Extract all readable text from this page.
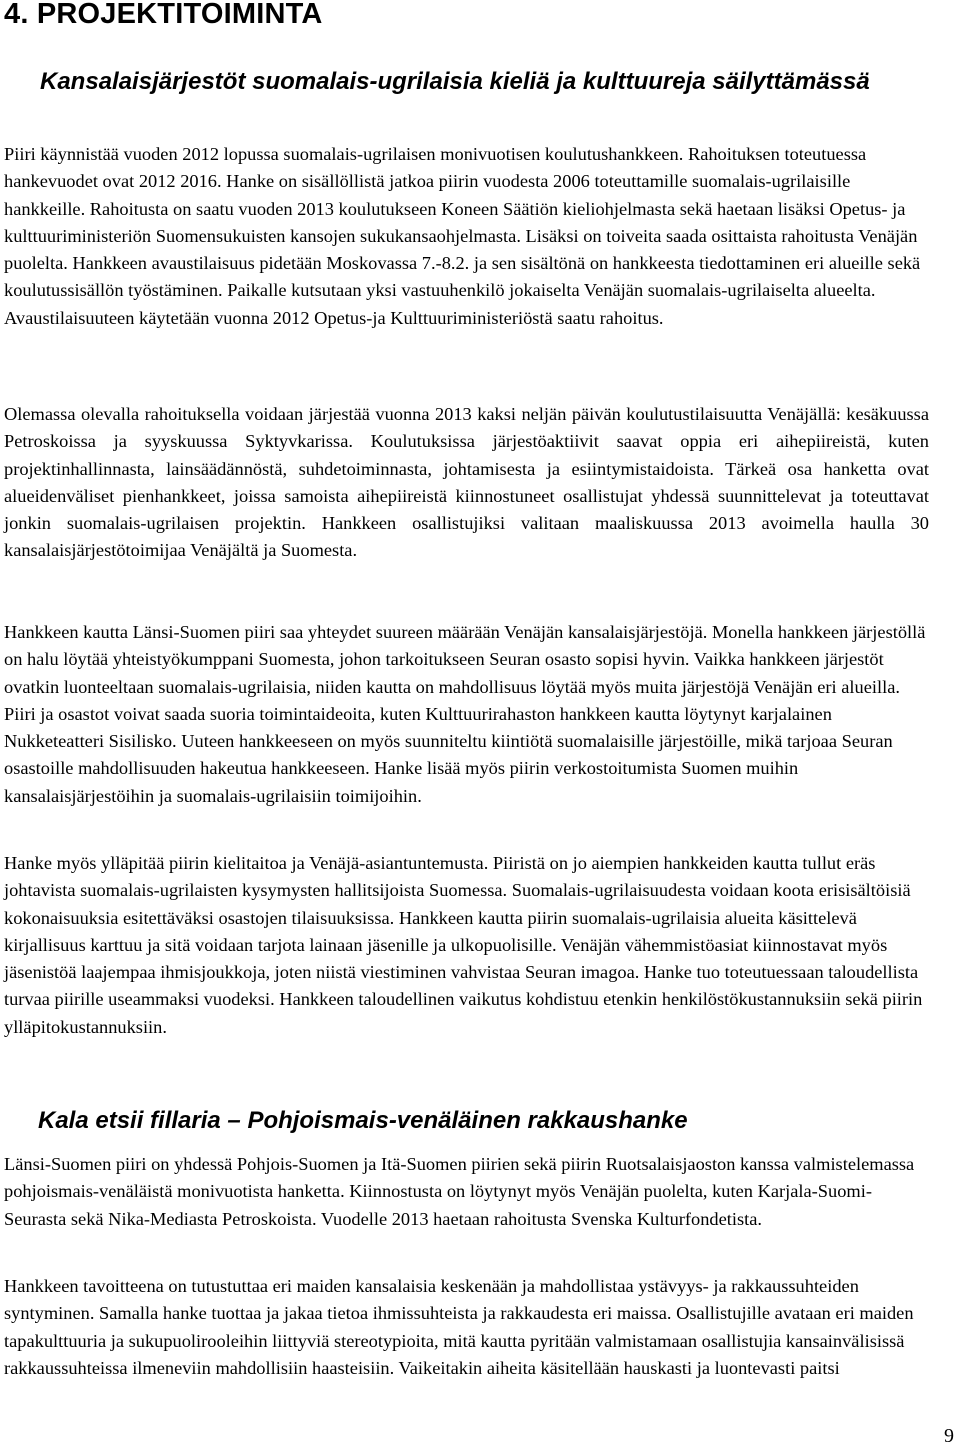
4. PROJEKTITOIMINTA
Kansalaisjärjestöt suomalais-ugrilaisia kieliä ja kulttuureja säilyttämässä

Piiri käynnistää vuoden 2012 lopussa suomalais-ugrilaisen monivuotisen koulutushankkeen. Rahoituksen toteutuessa hankevuodet ovat 2012 2016. Hanke on sisällöllistä jatkoa piirin vuodesta 2006 toteuttamille suomalais-ugrilaisille hankkeille. Rahoitusta on saatu vuoden 2013 koulutukseen Koneen Säätiön kieliohjelmasta sekä haetaan lisäksi Opetus- ja kulttuuriministeriön Suomensukuisten kansojen sukukansaohjelmasta. Lisäksi on toiveita saada osittaista rahoitusta Venäjän puolelta. Hankkeen avaustilaisuus pidetään Moskovassa 7.-8.2. ja sen sisältönä on hankkeesta tiedottaminen eri alueille sekä koulutussisällön työstäminen. Paikalle kutsutaan yksi vastuuhenkilö jokaiselta Venäjän suomalais-ugrilaiselta alueelta. Avaustilaisuuteen käytetään vuonna 2012 Opetus-ja Kulttuuriministeriöstä saatu rahoitus.

Olemassa olevalla rahoituksella voidaan järjestää vuonna 2013 kaksi neljän päivän koulutustilaisuutta Venäjällä: kesäkuussa Petroskoissa ja syyskuussa Syktyvkarissa. Koulutuksissa järjestöaktiivit saavat oppia eri aihepiireistä, kuten projektinhallinnasta, lainsäädännöstä, suhdetoiminnasta, johtamisesta ja esiintymistaidoista. Tärkeä osa hanketta ovat alueidenväliset pienhankkeet, joissa samoista aihepiireistä kiinnostuneet osallistujat yhdessä suunnittelevat ja toteuttavat jonkin suomalais-ugrilaisen projektin. Hankkeen osallistujiksi valitaan maaliskuussa 2013 avoimella haulla 30 kansalaisjärjestötoimijaa Venäjältä ja Suomesta.

Hankkeen kautta Länsi-Suomen piiri saa yhteydet suureen määrään Venäjän kansalaisjärjestöjä. Monella hankkeen järjestöllä on halu löytää yhteistyökumppani Suomesta, johon tarkoitukseen Seuran osasto sopisi hyvin. Vaikka hankkeen järjestöt ovatkin luonteeltaan suomalais-ugrilaisia, niiden kautta on mahdollisuus löytää myös muita järjestöjä Venäjän eri alueilla. Piiri ja osastot voivat saada suoria toimintaideoita, kuten Kulttuurirahaston hankkeen kautta löytynyt karjalainen Nukketeatteri Sisilisko. Uuteen hankkeeseen on myös suunniteltu kiintiötä suomalaisille järjestöille, mikä tarjoaa Seuran osastoille mahdollisuuden hakeutua hankkeeseen. Hanke lisää myös piirin verkostoitumista Suomen muihin kansalaisjärjestöihin ja suomalais-ugrilaisiin toimijoihin.

Hanke myös ylläpitää piirin kielitaitoa ja Venäjä-asiantuntemusta. Piiristä on jo aiempien hankkeiden kautta tullut eräs johtavista suomalais-ugrilaisten kysymysten hallitsijoista Suomessa. Suomalais-ugrilaisuudesta voidaan koota erisisältöisiä kokonaisuuksia esitettäväksi osastojen tilaisuuksissa. Hankkeen kautta piirin suomalais-ugrilaisia alueita käsittelevä kirjallisuus karttuu ja sitä voidaan tarjota lainaan jäsenille ja ulkopuolisille. Venäjän vähemmistöasiat kiinnostavat myös jäsenistöä laajempaa ihmisjoukkoja, joten niistä viestiminen vahvistaa Seuran imagoa. Hanke tuo toteutuessaan taloudellista turvaa piirille useammaksi vuodeksi. Hankkeen taloudellinen vaikutus kohdistuu etenkin henkilöstökustannuksiin sekä piirin ylläpitokustannuksiin.

Kala etsii fillaria – Pohjoismais-venäläinen rakkaushanke

Länsi-Suomen piiri on yhdessä Pohjois-Suomen ja Itä-Suomen piirien sekä piirin Ruotsalaisjaoston kanssa valmistelemassa pohjoismais-venäläistä monivuotista hanketta. Kiinnostusta on löytynyt myös Venäjän puolelta, kuten Karjala-Suomi-Seurasta sekä Nika-Mediasta Petroskoista. Vuodelle 2013 haetaan rahoitusta Svenska Kulturfondetista.

Hankkeen tavoitteena on tutustuttaa eri maiden kansalaisia keskenään ja mahdollistaa ystävyys- ja rakkaussuhteiden syntyminen. Samalla hanke tuottaa ja jakaa tietoa ihmissuhteista ja rakkaudesta eri maissa. Osallistujille avataan eri maiden tapakulttuuria ja sukupuolirooleihin liittyviä stereotypioita, mitä kautta pyritään valmistamaan osallistujia kansainvälisissä rakkaussuhteissa ilmeneviin mahdollisiin haasteisiin. Vaikeitakin aiheita käsitellään hauskasti ja luontevasti paitsi

9
